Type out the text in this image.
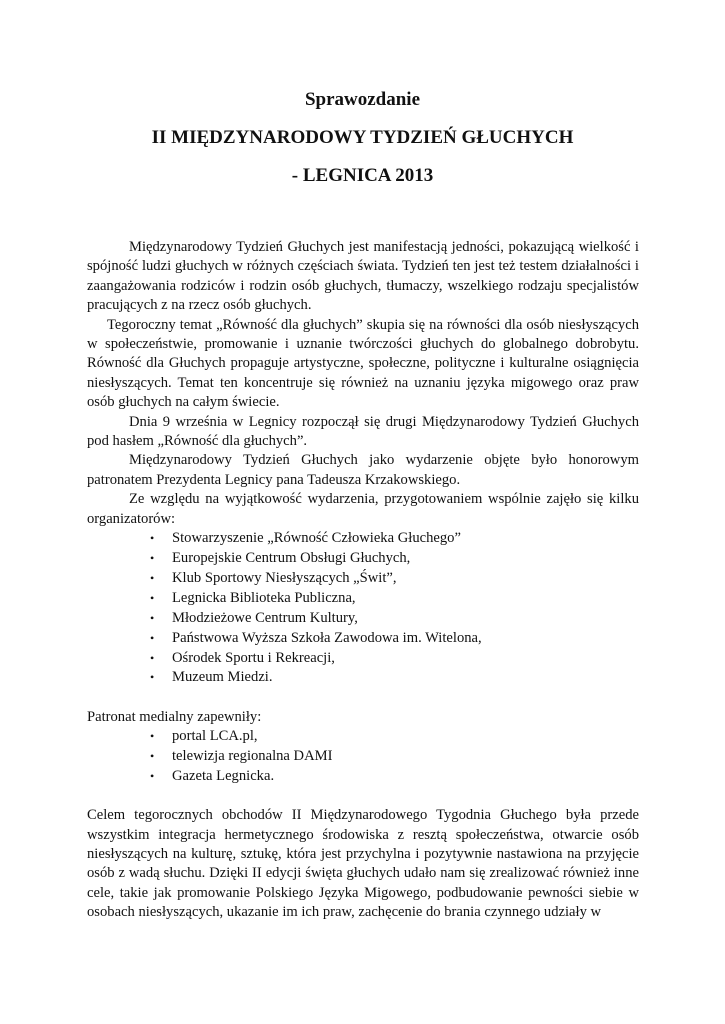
Sprawozdanie
II MIĘDZYNARODOWY TYDZIEŃ GŁUCHYCH
- LEGNICA 2013

Międzynarodowy Tydzień Głuchych jest manifestacją jedności, pokazującą wielkość i spójność ludzi głuchych w różnych częściach świata. Tydzień ten jest też testem działalności i zaangażowania rodziców i rodzin osób głuchych, tłumaczy, wszelkiego rodzaju specjalistów pracujących z na rzecz osób głuchych.

Tegoroczny temat „Równość dla głuchych” skupia się na równości dla osób niesłyszących w społeczeństwie, promowanie i uznanie twórczości głuchych do globalnego dobrobytu. Równość dla Głuchych propaguje artystyczne, społeczne, polityczne i kulturalne osiągnięcia niesłyszących. Temat ten koncentruje się również na uznaniu języka migowego oraz praw osób głuchych na całym świecie.

Dnia 9 września w Legnicy rozpoczął się drugi Międzynarodowy Tydzień Głuchych pod hasłem „Równość dla głuchych”.

Międzynarodowy Tydzień Głuchych jako wydarzenie objęte było honorowym patronatem Prezydenta Legnicy pana Tadeusza Krzakowskiego.

Ze względu na wyjątkowość wydarzenia, przygotowaniem wspólnie zajęło się kilku organizatorów:

• Stowarzyszenie „Równość Człowieka Głuchego”
• Europejskie Centrum Obsługi Głuchych,
• Klub Sportowy Niesłyszących „Świt”,
• Legnicka Biblioteka Publiczna,
• Młodzieżowe Centrum Kultury,
• Państwowa Wyższa Szkoła Zawodowa im. Witelona,
• Ośrodek Sportu i Rekreacji,
• Muzeum Miedzi.

Patronat medialny zapewniły:

• portal LCA.pl,
• telewizja regionalna DAMI
• Gazeta Legnicka.

Celem tegorocznych obchodów II Międzynarodowego Tygodnia Głuchego była przede wszystkim integracja hermetycznego środowiska z resztą społeczeństwa, otwarcie osób niesłyszących na kulturę, sztukę, która jest przychylna i pozytywnie nastawiona na przyjęcie osób z wadą słuchu. Dzięki II edycji święta głuchych udało nam się zrealizować również inne cele, takie jak promowanie Polskiego Języka Migowego, podbudowanie pewności siebie w osobach niesłyszących, ukazanie im ich praw, zachęcenie do brania czynnego udziały w
